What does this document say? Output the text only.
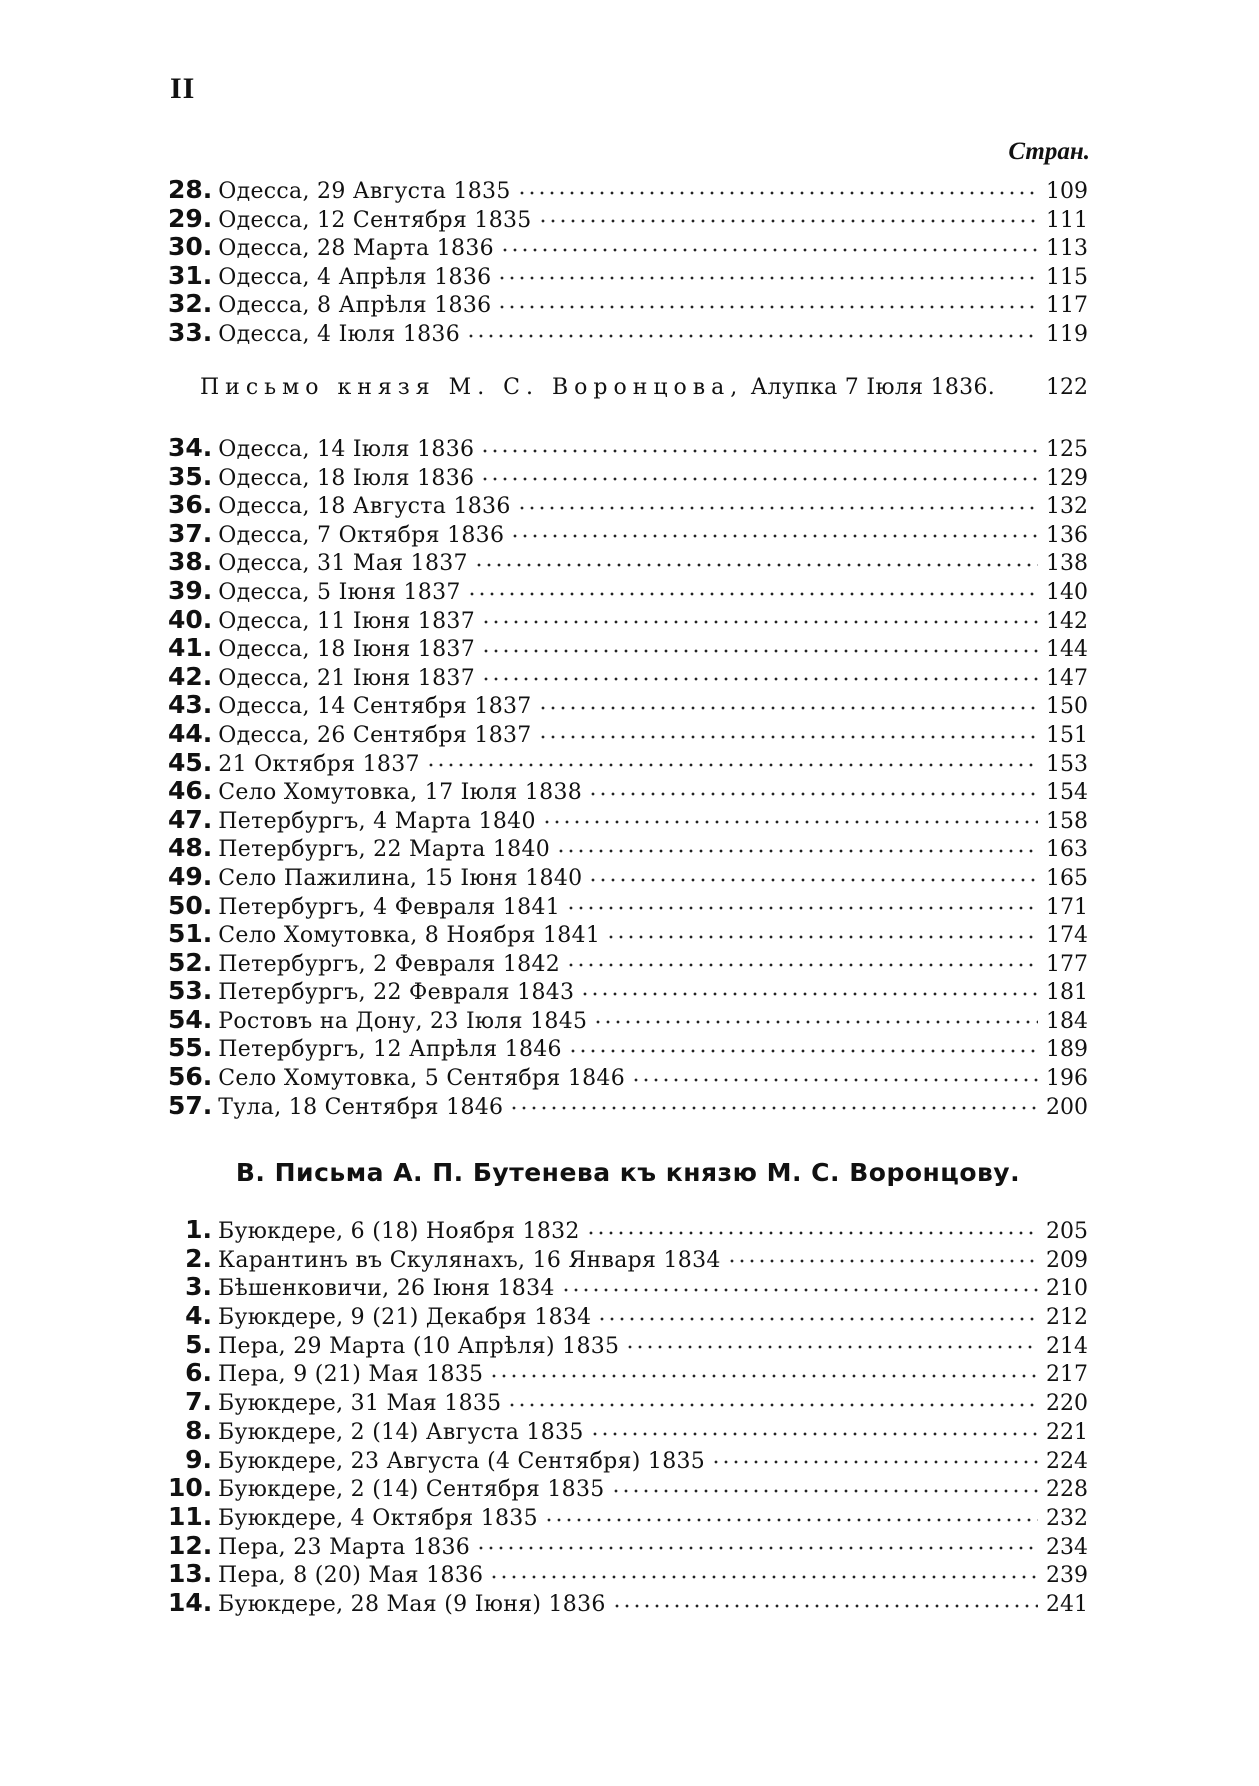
II
Стран.
28. Одесса, 29 Августа 1835	109
29. Одесса, 12 Сентября 1835	111
30. Одесса, 28 Марта 1836	113
31. Одесса, 4 Апрѣля 1836	115
32. Одесса, 8 Апрѣля 1836	117
33. Одесса, 4 Іюля 1836	119
Письмо князя М. С. Воронцова, Алупка 7 Іюля 1836.	122
34. Одесса, 14 Іюля 1836	125
35. Одесса, 18 Іюля 1836	129
36. Одесса, 18 Августа 1836	132
37. Одесса, 7 Октября 1836	136
38. Одесса, 31 Мая 1837	138
39. Одесса, 5 Іюня 1837	140
40. Одесса, 11 Іюня 1837	142
41. Одесса, 18 Іюня 1837	144
42. Одесса, 21 Іюня 1837	147
43. Одесса, 14 Сентября 1837	150
44. Одесса, 26 Сентября 1837	151
45. 21 Октября 1837	153
46. Село Хомутовка, 17 Іюля 1838	154
47. Петербургъ, 4 Марта 1840	158
48. Петербургъ, 22 Марта 1840	163
49. Село Пажилина, 15 Іюня 1840	165
50. Петербургъ, 4 Февраля 1841	171
51. Село Хомутовка, 8 Ноября 1841	174
52. Петербургъ, 2 Февраля 1842	177
53. Петербургъ, 22 Февраля 1843	181
54. Ростовъ на Дону, 23 Іюля 1845	184
55. Петербургъ, 12 Апрѣля 1846	189
56. Село Хомутовка, 5 Сентября 1846	196
57. Тула, 18 Сентября 1846	200
В. Письма А. П. Бутенева къ князю М. С. Воронцову.
1. Буюкдере, 6 (18) Ноября 1832	205
2. Карантинъ въ Скулянахъ, 16 Января 1834	209
3. Бѣшенковичи, 26 Іюня 1834	210
4. Буюкдере, 9 (21) Декабря 1834	212
5. Пера, 29 Марта (10 Апрѣля) 1835	214
6. Пера, 9 (21) Мая 1835	217
7. Буюкдере, 31 Мая 1835	220
8. Буюкдере, 2 (14) Августа 1835	221
9. Буюкдере, 23 Августа (4 Сентября) 1835	224
10. Буюкдере, 2 (14) Сентября 1835	228
11. Буюкдере, 4 Октября 1835	232
12. Пера, 23 Марта 1836	234
13. Пера, 8 (20) Мая 1836	239
14. Буюкдере, 28 Мая (9 Іюня) 1836	241
